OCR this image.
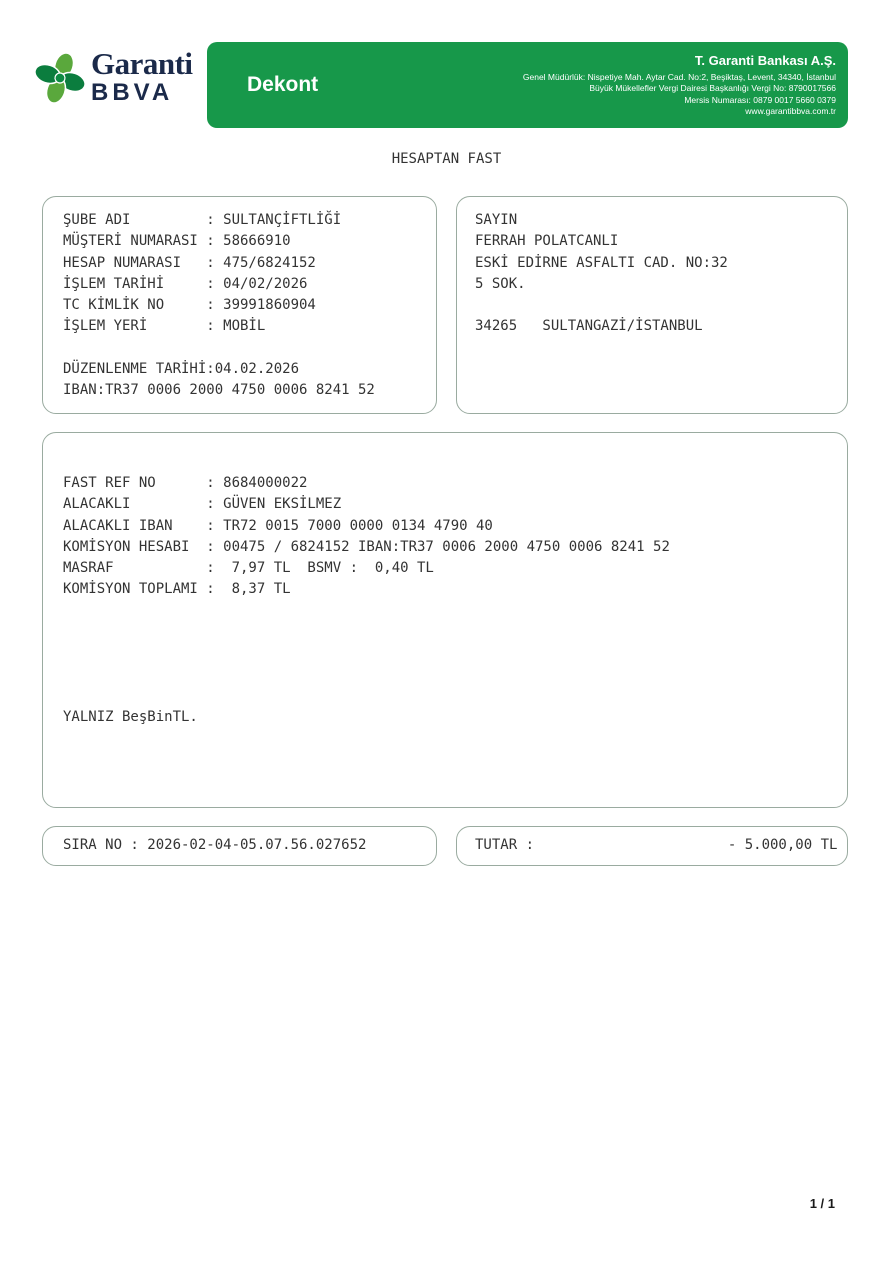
Garanti
BBVA	Dekont
T. Garanti Bankası A.Ş.
Genel Müdürlük: Nispetiye Mah. Aytar Cad. No:2, Beşiktaş, Levent, 34340, İstanbul
Büyük Mükellefler Vergi Dairesi Başkanlığı Vergi No: 8790017566
Mersis Numarası: 0879 0017 5660 0379
www.garantibbva.com.tr
HESAPTAN FAST
ŞUBE ADI         : SULTANÇİFTLİĞİ
MÜŞTERİ NUMARASI : 58666910
HESAP NUMARASI   : 475/6824152
İŞLEM TARİHİ     : 04/02/2026
TC KİMLİK NO     : 39991860904
İŞLEM YERİ       : MOBİL
DÜZENLENME TARİHİ:04.02.2026
IBAN:TR37 0006 2000 4750 0006 8241 52
SAYIN
FERRAH POLATCANLI
ESKİ EDİRNE ASFALTI CAD. NO:32
5 SOK.
34265   SULTANGAZİ/İSTANBUL
FAST REF NO      : 8684000022
ALACAKLI         : GÜVEN EKSİLMEZ
ALACAKLI IBAN    : TR72 0015 7000 0000 0134 4790 40
KOMİSYON HESABI  : 00475 / 6824152 IBAN:TR37 0006 2000 4750 0006 8241 52
MASRAF           :  7,97 TL  BSMV :  0,40 TL
KOMİSYON TOPLAMI :  8,37 TL
YALNIZ BeşBinTL.
SIRA NO : 2026-02-04-05.07.56.027652	TUTAR :                       - 5.000,00 TL
1 / 1
